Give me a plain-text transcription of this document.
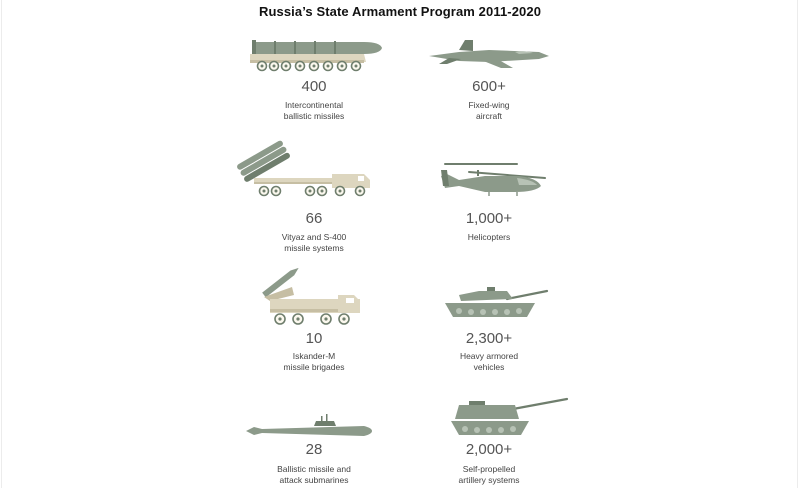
Russia’s State Armament Program 2011-2020
400
Intercontinental
ballistic missiles
600+
Fixed-wing
aircraft
66
Vityaz and S-400
missile systems
1,000+
Helicopters
10
Iskander-M
missile brigades
2,300+
Heavy armored
vehicles
28
Ballistic missile and
attack submarines
2,000+
Self-propelled
artillery systems
